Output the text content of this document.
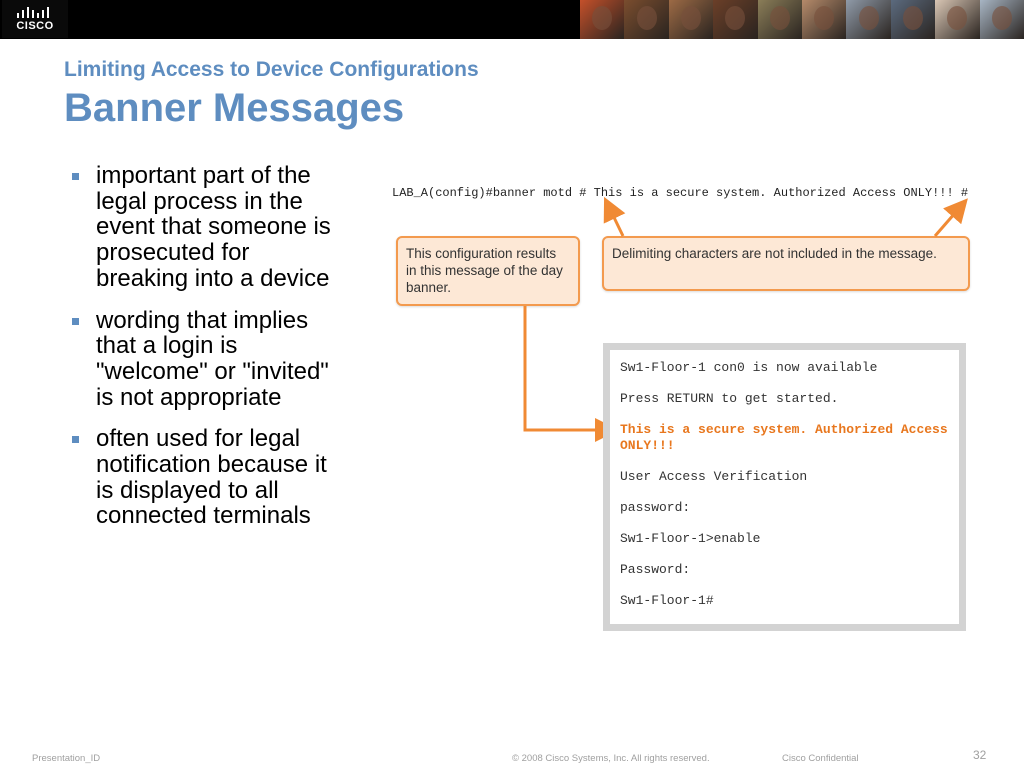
CISCO
Limiting Access to Device Configurations
Banner Messages
important part of the legal process in the event that someone is prosecuted for breaking into a device
wording that implies that a login is "welcome" or "invited" is not appropriate
often used for legal notification because it is displayed to all connected terminals
LAB_A(config)#banner motd # This is a secure system. Authorized Access ONLY!!! #
This configuration results in this message of the day banner.
Delimiting characters are not included in the message.
Sw1-Floor-1 con0 is now available
Press RETURN to get started.
This is a secure system. Authorized Access ONLY!!!
User Access Verification
password:
Sw1-Floor-1>enable
Password:
Sw1-Floor-1#
Presentation_ID	© 2008 Cisco Systems, Inc. All rights reserved.	Cisco Confidential	32
